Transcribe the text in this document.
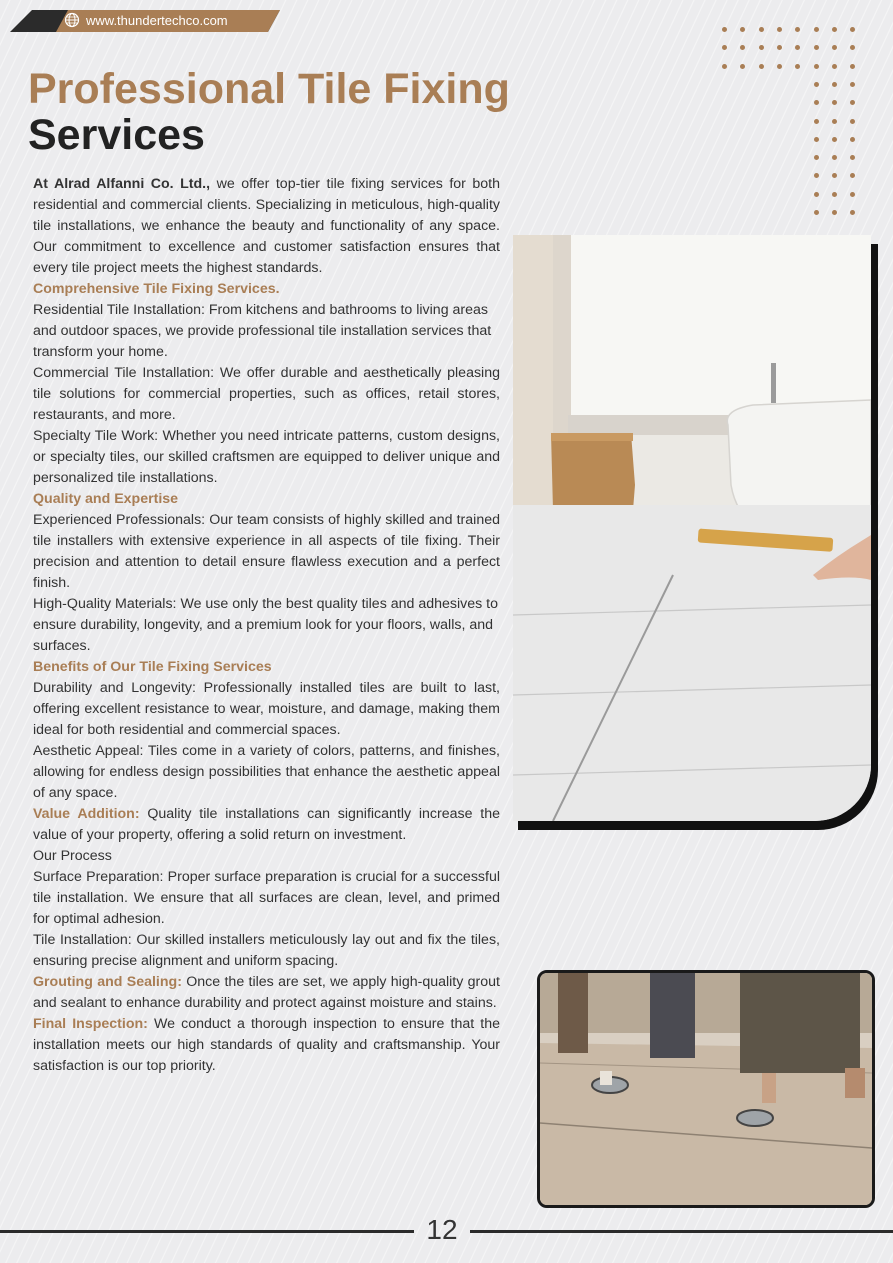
www.thundertechco.com
Professional Tile Fixing
Services

At Alrad Alfanni Co. Ltd., we offer top-tier tile fixing services for both residential and commercial clients. Specializing in meticulous, high-quality tile installations, we enhance the beauty and functionality of any space. Our commitment to excellence and customer satisfaction ensures that every tile project meets the highest standards.

Comprehensive Tile Fixing Services.

Residential Tile Installation: From kitchens and bathrooms to living areas and outdoor spaces, we provide professional tile installation services that transform your home.

Commercial Tile Installation: We offer durable and aesthetically pleasing tile solutions for commercial properties, such as offices, retail stores, restaurants, and more.

Specialty Tile Work: Whether you need intricate patterns, custom designs, or specialty tiles, our skilled craftsmen are equipped to deliver unique and personalized tile installations.

Quality and Expertise

Experienced Professionals: Our team consists of highly skilled and trained tile installers with extensive experience in all aspects of tile fixing. Their precision and attention to detail ensure flawless execution and a perfect finish.

High-Quality Materials: We use only the best quality tiles and adhesives to ensure durability, longevity, and a premium look for your floors, walls, and surfaces.

Benefits of Our Tile Fixing Services

Durability and Longevity: Professionally installed tiles are built to last, offering excellent resistance to wear, moisture, and damage, making them ideal for both residential and commercial spaces.

Aesthetic Appeal: Tiles come in a variety of colors, patterns, and finishes, allowing for endless design possibilities that enhance the aesthetic appeal of any space.

Value Addition: Quality tile installations can significantly increase the value of your property, offering a solid return on investment.

Our Process

Surface Preparation: Proper surface preparation is crucial for a successful tile installation. We ensure that all surfaces are clean, level, and primed for optimal adhesion.

Tile Installation: Our skilled installers meticulously lay out and fix the tiles, ensuring precise alignment and uniform spacing.

Grouting and Sealing: Once the tiles are set, we apply high-quality grout and sealant to enhance durability and protect against moisture and stains.

Final Inspection: We conduct a thorough inspection to ensure that the installation meets our high standards of quality and craftsmanship. Your satisfaction is our top priority.

12
